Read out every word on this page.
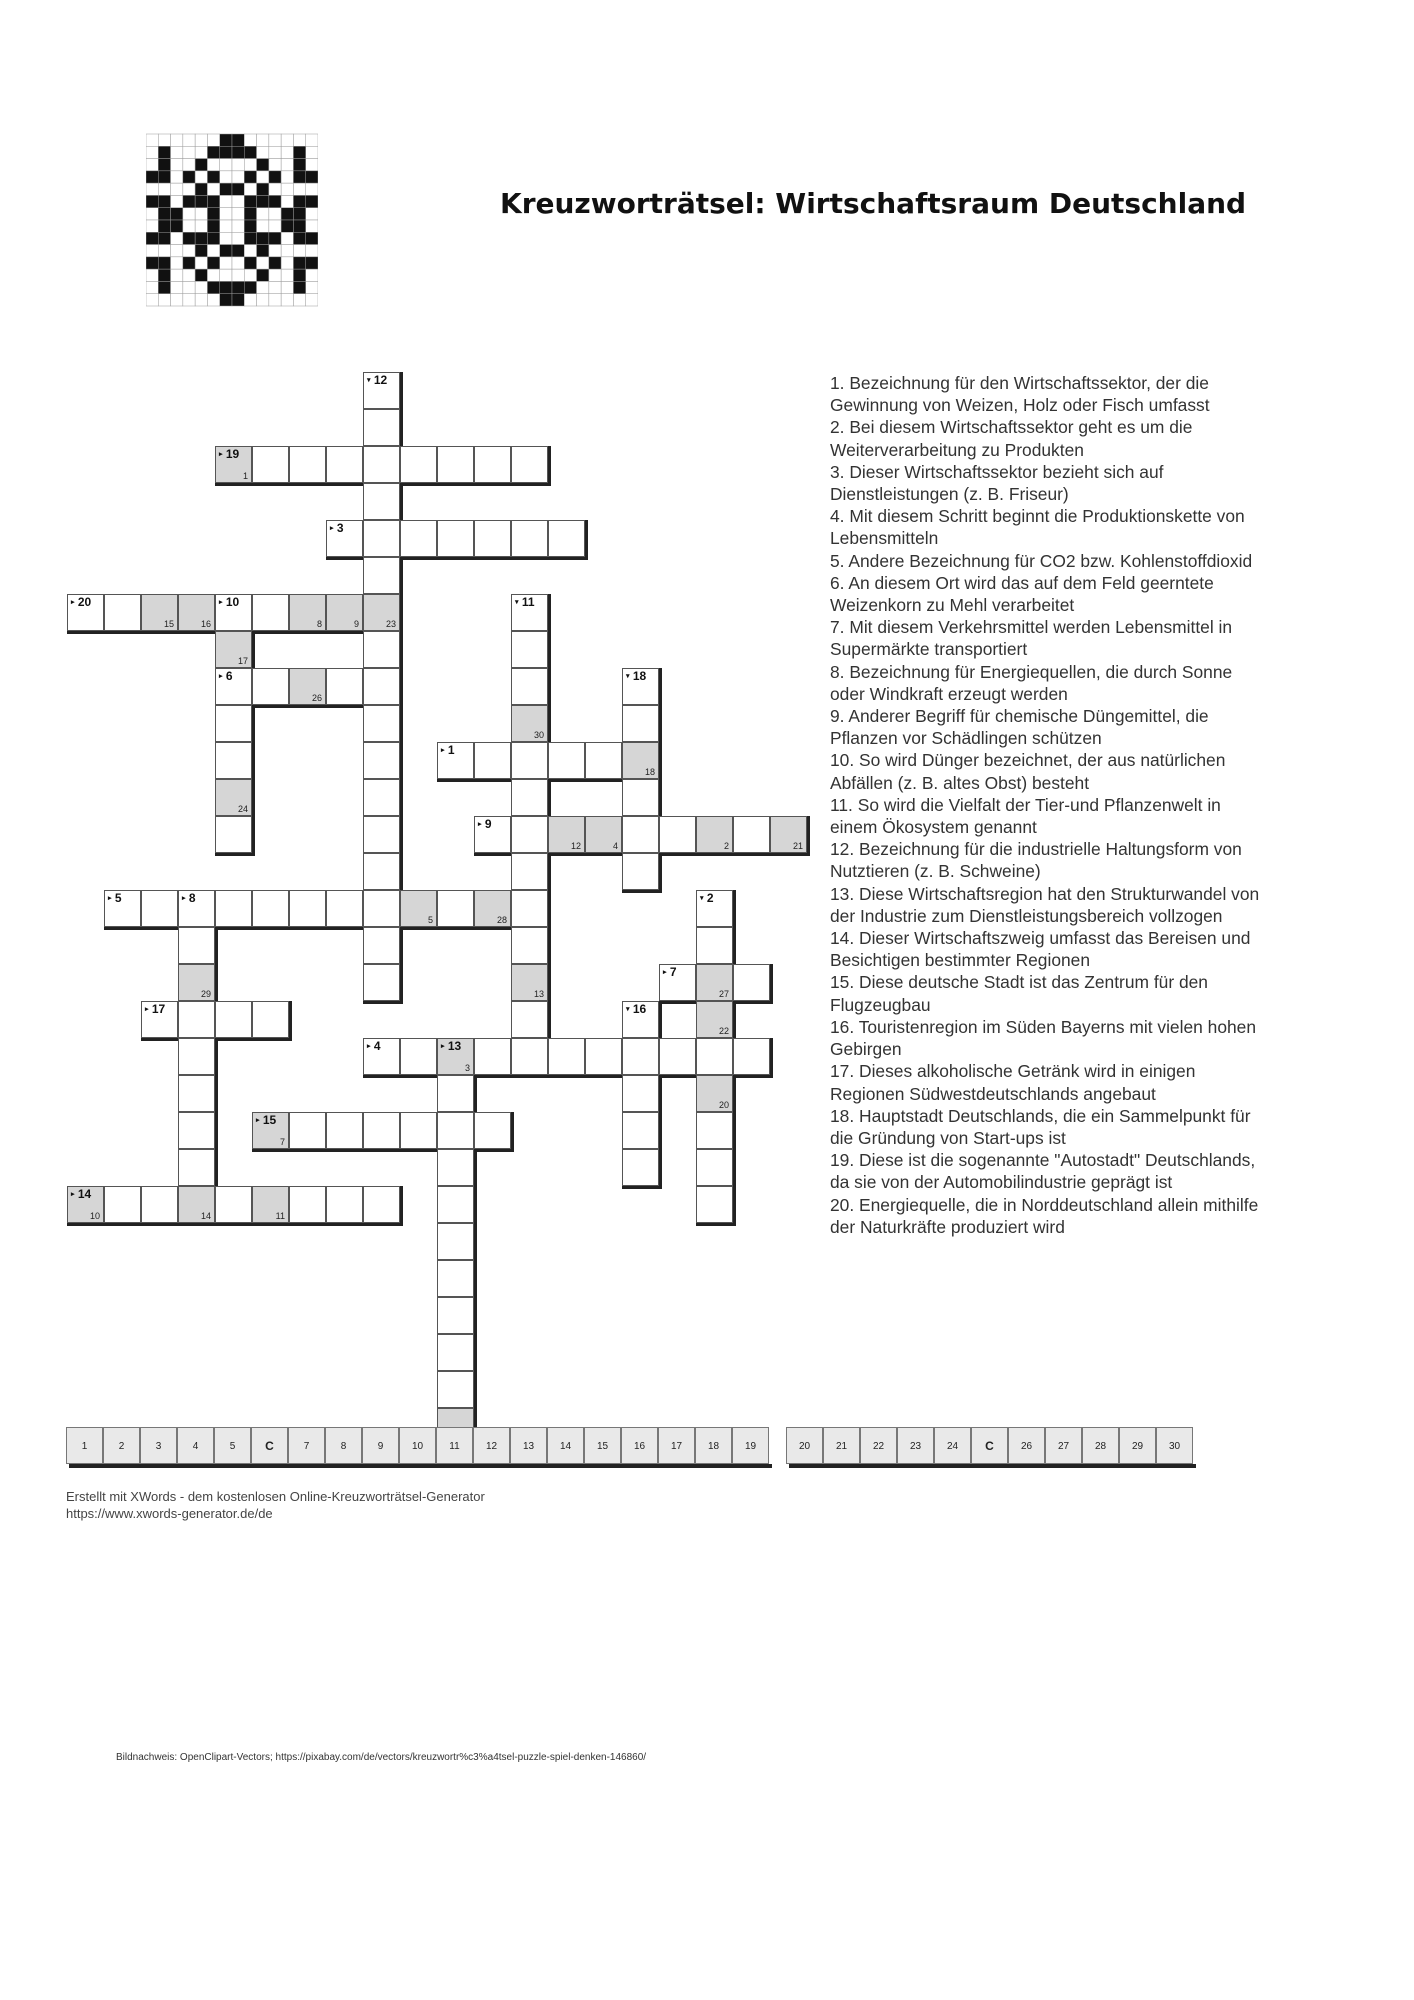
Kreuzworträtsel: Wirtschaftsraum Deutschland
▸ 19
1
▸ 3
▸ 20
15	16
▸ 10
8	9	23
▸ 6
26
▸ 1
18
▸ 9
12	4	2	21
▸ 5	▸ 8
5	28
▸ 7
27
▸ 17
▸ 4	▸ 13
3
▸ 15
7
▸ 14
10	14	11
▾ 12
17
24
▾ 11
30
13
▾ 18
▾ 2
22
20
29
▾ 16

1. Bezeichnung für den Wirtschaftssektor, der die Gewinnung von Weizen, Holz oder Fisch umfasst

2. Bei diesem Wirtschaftssektor geht es um die Weiterverarbeitung zu Produkten

3. Dieser Wirtschaftssektor bezieht sich auf Dienstleistungen (z. B. Friseur)

4. Mit diesem Schritt beginnt die Produktionskette von Lebensmitteln

5. Andere Bezeichnung für CO2 bzw. Kohlenstoffdioxid

6. An diesem Ort wird das auf dem Feld geerntete Weizenkorn zu Mehl verarbeitet

7. Mit diesem Verkehrsmittel werden Lebensmittel in Supermärkte transportiert

8. Bezeichnung für Energiequellen, die durch Sonne oder Windkraft erzeugt werden

9. Anderer Begriff für chemische Düngemittel, die Pflanzen vor Schädlingen schützen

10. So wird Dünger bezeichnet, der aus natürlichen Abfällen (z. B. altes Obst) besteht

11. So wird die Vielfalt der Tier-und Pflanzenwelt in einem Ökosystem genannt

12. Bezeichnung für die industrielle Haltungsform von Nutztieren (z. B. Schweine)

13. Diese Wirtschaftsregion hat den Strukturwandel von der Industrie zum Dienstleistungsbereich vollzogen

14. Dieser Wirtschaftszweig umfasst das Bereisen und Besichtigen bestimmter Regionen

15. Diese deutsche Stadt ist das Zentrum für den Flugzeugbau

16. Touristenregion im Süden Bayerns mit vielen hohen Gebirgen

17. Dieses alkoholische Getränk wird in einigen Regionen Südwestdeutschlands angebaut

18. Hauptstadt Deutschlands, die ein Sammelpunkt für die Gründung von Start-ups ist

19. Diese ist die sogenannte "Autostadt" Deutschlands, da sie von der Automobilindustrie geprägt ist

20. Energiequelle, die in Norddeutschland allein mithilfe der Naturkräfte produziert wird

1	2	3	4	5	C	7	8	9	10	11	12	13	14	15	16	17	18	19	20	21	22	23	24	C	26	27	28	29	30
Erstellt mit XWords - dem kostenlosen Online-Kreuzworträtsel-Generator
https://www.xwords-generator.de/de
Bildnachweis: OpenClipart-Vectors; https://pixabay.com/de/vectors/kreuzwortr%c3%a4tsel-puzzle-spiel-denken-146860/
